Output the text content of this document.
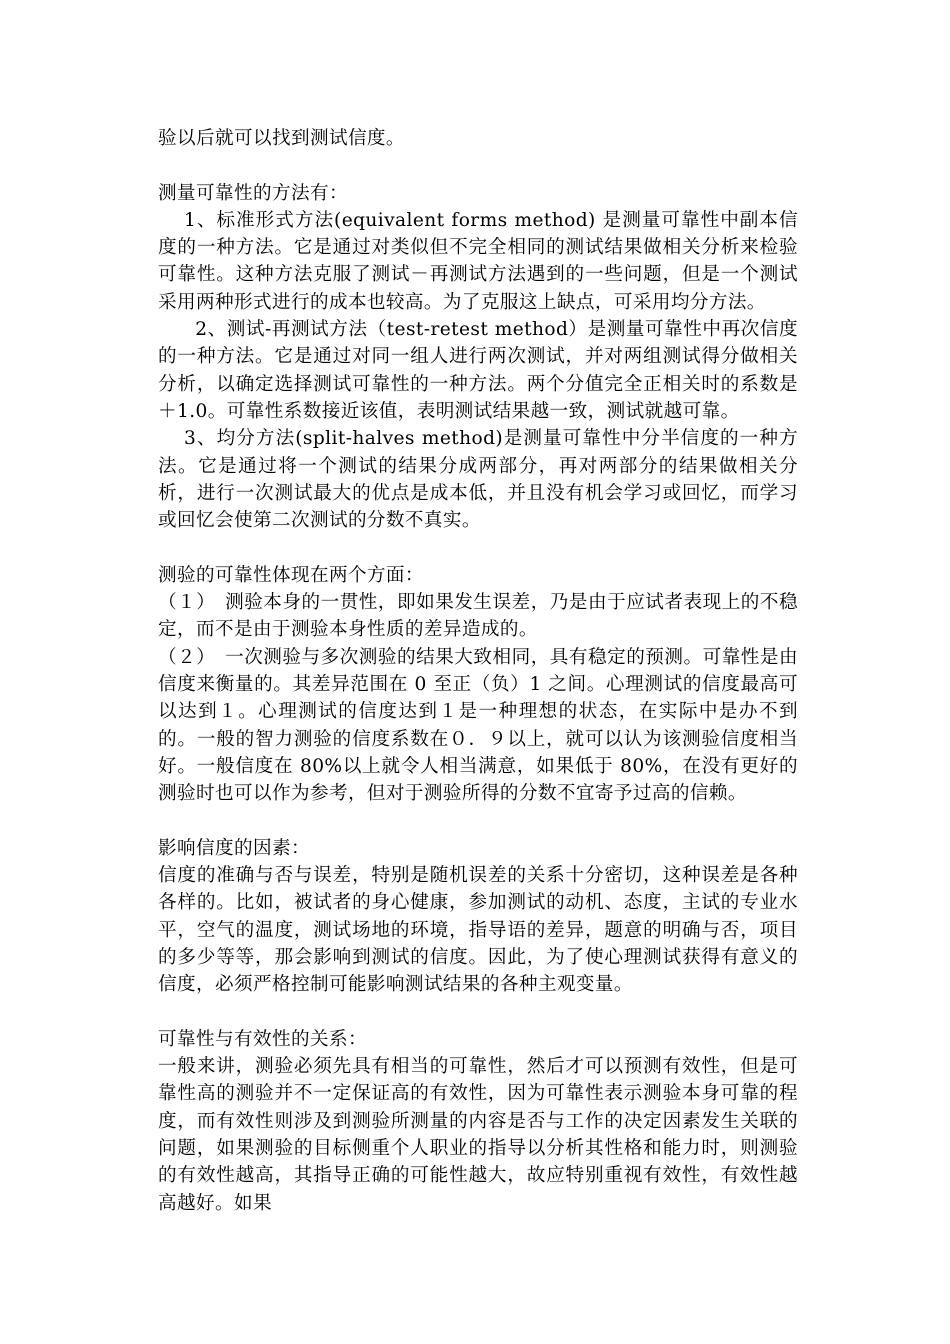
验以后就可以找到测试信度。

测量可靠性的方法有：

1、标准形式方法(equivalent forms method) 是测量可靠性中副本信度的一种方法。它是通过对类似但不完全相同的测试结果做相关分析来检验可靠性。这种方法克服了测试－再测试方法遇到的一些问题，但是一个测试采用两种形式进行的成本也较高。为了克服这上缺点，可采用均分方法。

2、测试-再测试方法（test-retest method）是测量可靠性中再次信度的一种方法。它是通过对同一组人进行两次测试，并对两组测试得分做相关分析，以确定选择测试可靠性的一种方法。两个分值完全正相关时的系数是＋1.0。可靠性系数接近该值，表明测试结果越一致，测试就越可靠。

3、均分方法(split-halves method)是测量可靠性中分半信度的一种方法。它是通过将一个测试的结果分成两部分，再对两部分的结果做相关分析，进行一次测试最大的优点是成本低，并且没有机会学习或回忆，而学习或回忆会使第二次测试的分数不真实。

测验的可靠性体现在两个方面：

（１）　测验本身的一贯性，即如果发生误差，乃是由于应试者表现上的不稳定，而不是由于测验本身性质的差异造成的。

（２）　一次测验与多次测验的结果大致相同，具有稳定的预测。可靠性是由信度来衡量的。其差异范围在 0 至正（负）1 之间。心理测试的信度最高可以达到１。心理测试的信度达到１是一种理想的状态，在实际中是办不到的。一般的智力测验的信度系数在０．９以上，就可以认为该测验信度相当好。一般信度在 80%以上就令人相当满意，如果低于 80%，在没有更好的测验时也可以作为参考，但对于测验所得的分数不宜寄予过高的信赖。

影响信度的因素：

信度的准确与否与误差，特别是随机误差的关系十分密切，这种误差是各种各样的。比如，被试者的身心健康，参加测试的动机、态度，主试的专业水平，空气的温度，测试场地的环境，指导语的差异，题意的明确与否，项目的多少等等，那会影响到测试的信度。因此，为了使心理测试获得有意义的信度，必须严格控制可能影响测试结果的各种主观变量。

可靠性与有效性的关系：

一般来讲，测验必须先具有相当的可靠性，然后才可以预测有效性，但是可靠性高的测验并不一定保证高的有效性，因为可靠性表示测验本身可靠的程度，而有效性则涉及到测验所测量的内容是否与工作的决定因素发生关联的问题，如果测验的目标侧重个人职业的指导以分析其性格和能力时，则测验的有效性越高，其指导正确的可能性越大，故应特别重视有效性，有效性越高越好。如果
